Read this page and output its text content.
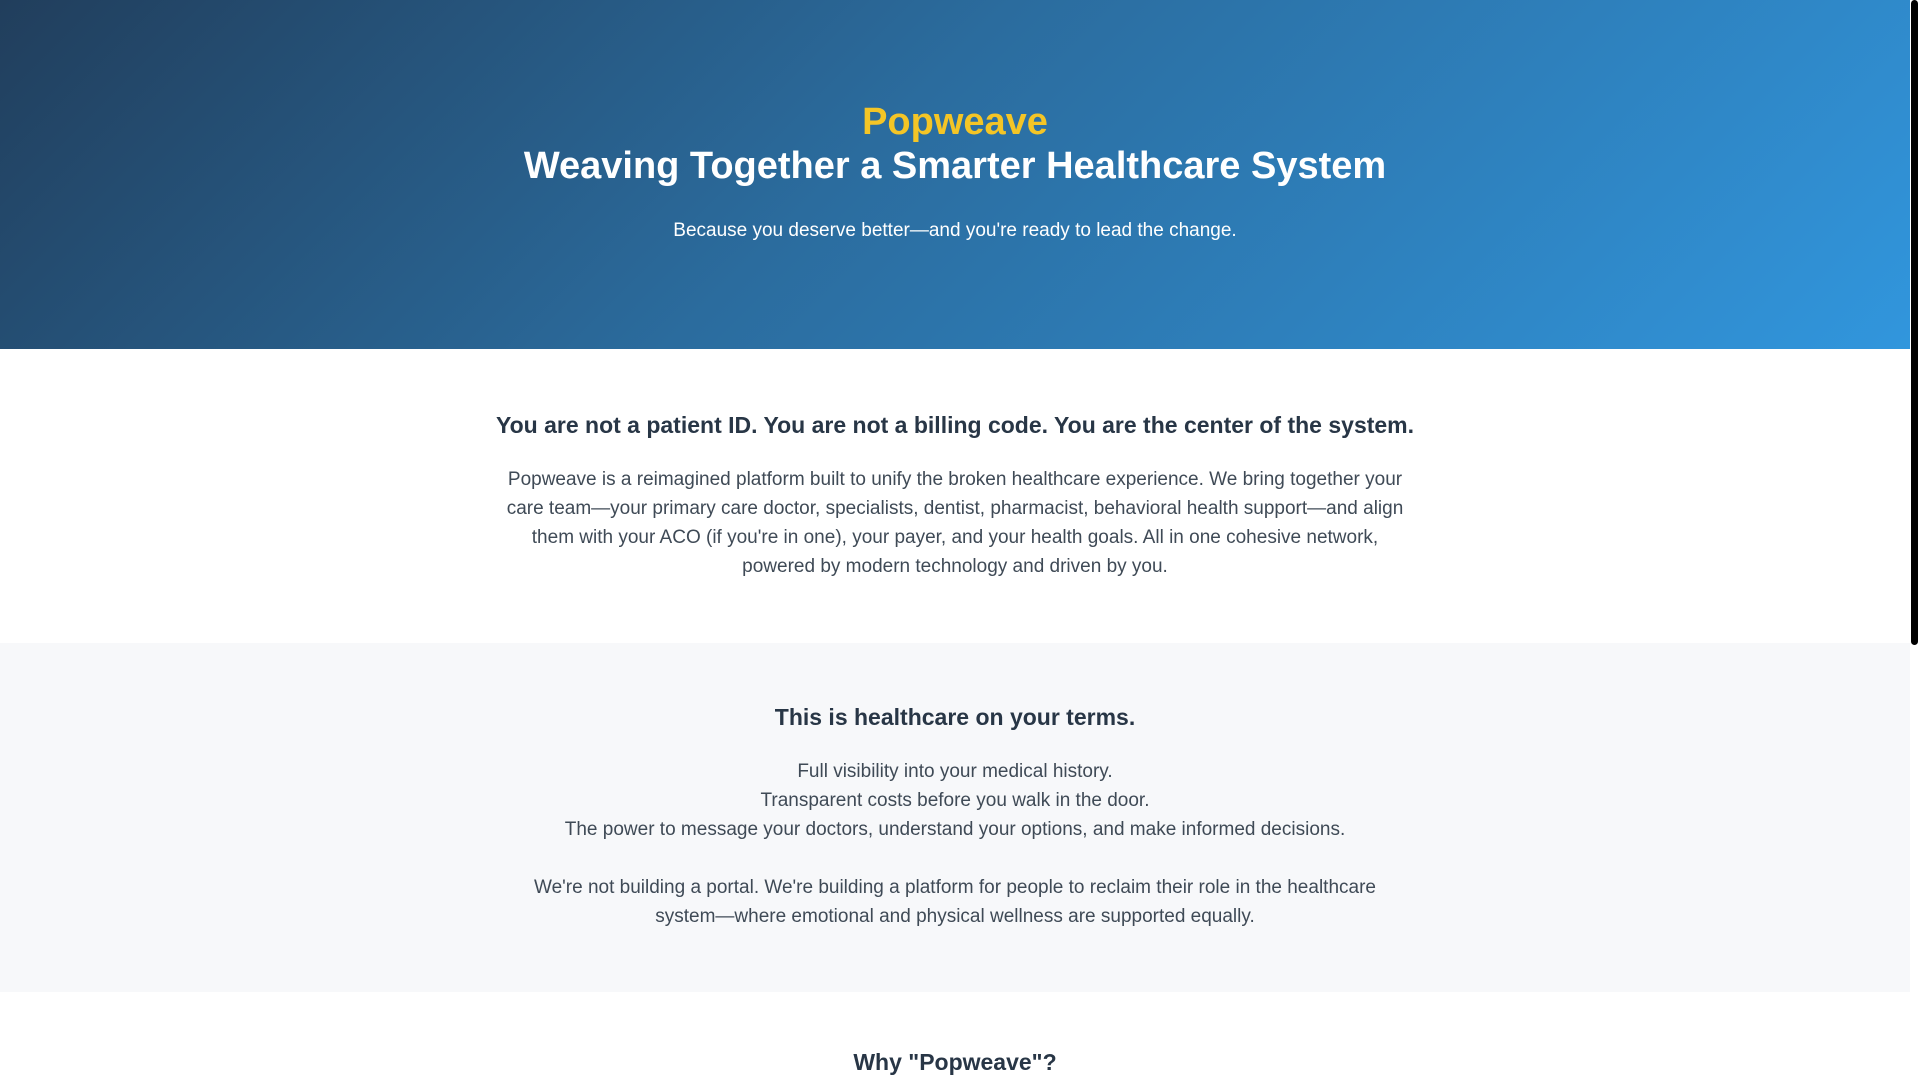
Popweave
Weaving Together a Smarter Healthcare System

Because you deserve better—and you're ready to lead the change.

You are not a patient ID. You are not a billing code. You are the center of the system.

Popweave is a reimagined platform built to unify the broken healthcare experience. We bring together your care team—your primary care doctor, specialists, dentist, pharmacist, behavioral health support—and align them with your ACO (if you're in one), your payer, and your health goals. All in one cohesive network, powered by modern technology and driven by you.

This is healthcare on your terms.
Full visibility into your medical history.
Transparent costs before you walk in the door.
The power to message your doctors, understand your options, and make informed decisions.

We're not building a portal. We're building a platform for people to reclaim their role in the healthcare system—where emotional and physical wellness are supported equally.

Why "Popweave"?
